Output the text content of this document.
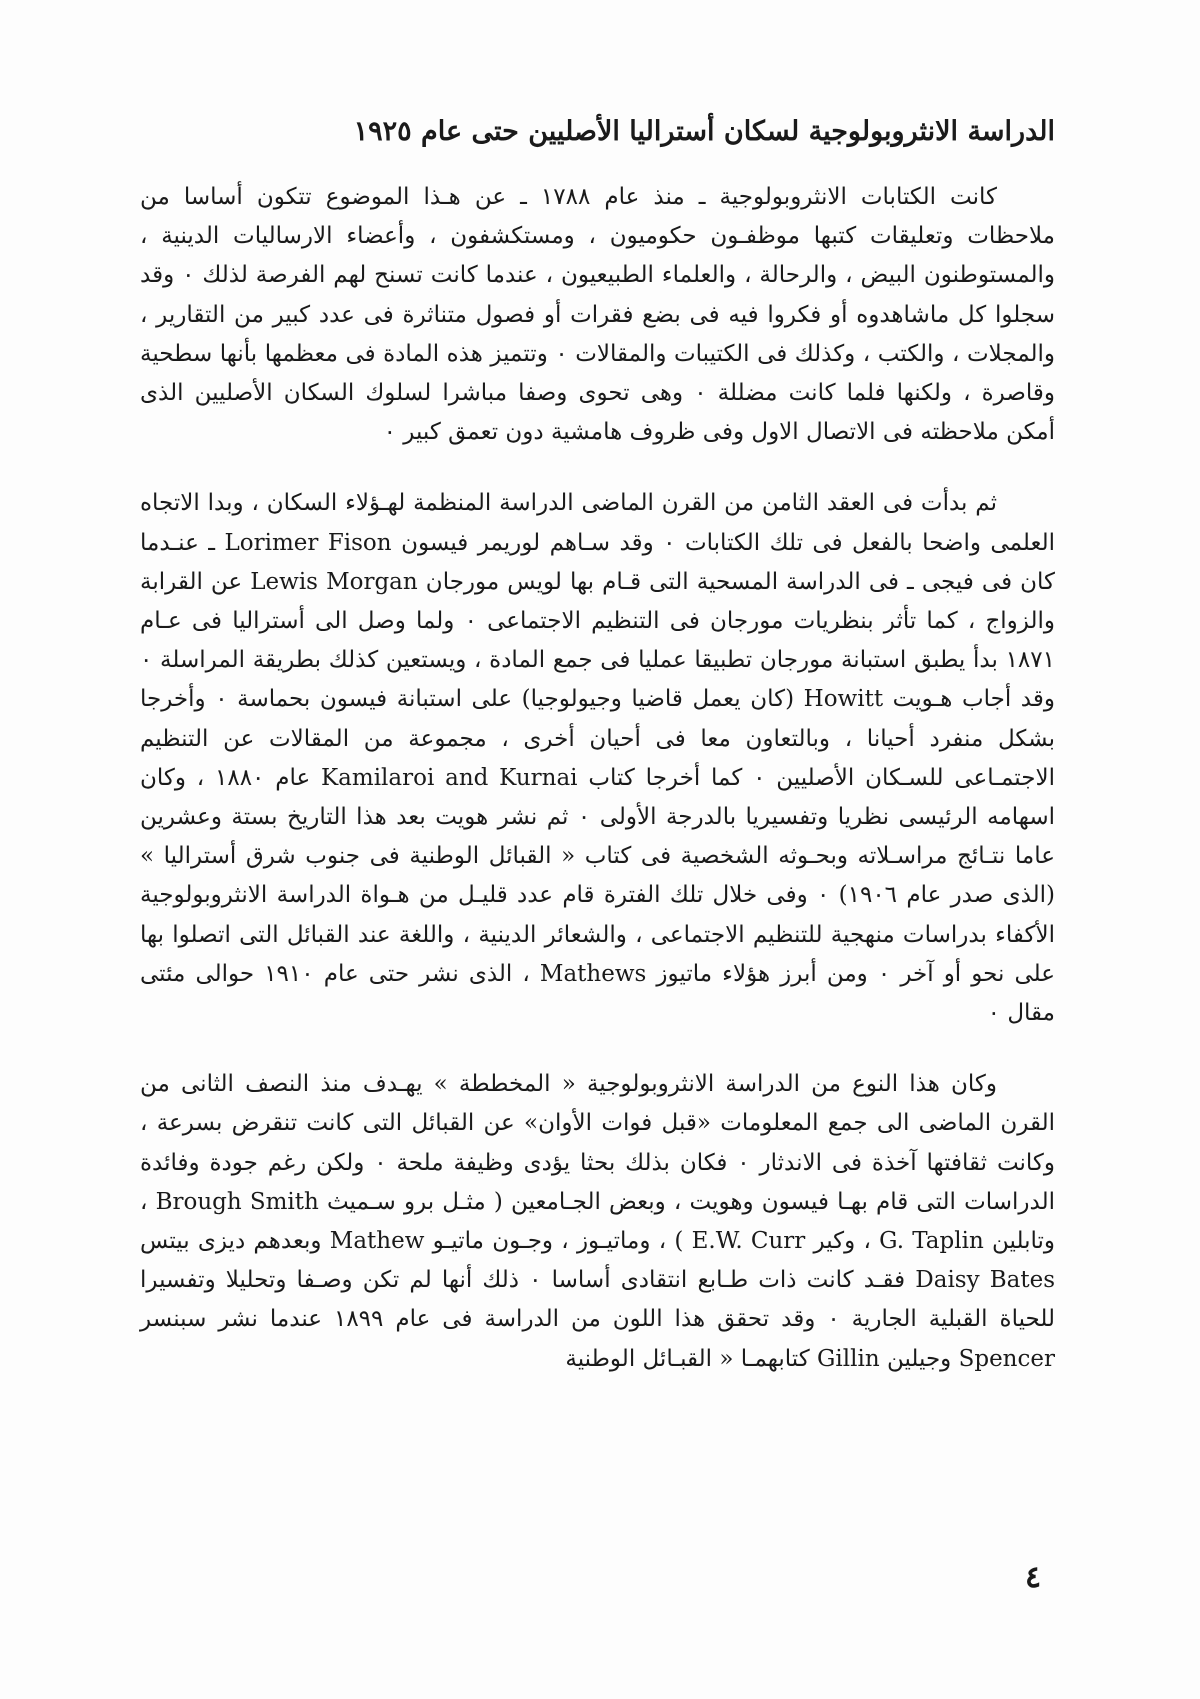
الدراسة الانثروبولوجية لسكان أستراليا الأصليين حتى عام ١٩٢٥

كانت الكتابات الانثروبولوجية ـ منذ عام ١٧٨٨ ـ عن هـذا الموضوع تتكون أساسا من ملاحظات وتعليقات كتبها موظفـون حكوميون ، ومستكشفون ، وأعضاء الارساليات الدينية ، والمستوطنون البيض ، والرحالة ، والعلماء الطبيعيون ، عندما كانت تسنح لهم الفرصة لذلك ٠ وقد سجلوا كل ماشاهدوه أو فكروا فيه فى بضع فقرات أو فصول متناثرة فى عدد كبير من التقارير ، والمجلات ، والكتب ، وكذلك فى الكتيبات والمقالات ٠ وتتميز هذه المادة فى معظمها بأنها سطحية وقاصرة ، ولكنها فلما كانت مضللة ٠ وهى تحوى وصفا مباشرا لسلوك السكان الأصليين الذى أمكن ملاحظته فى الاتصال الاول وفى ظروف هامشية دون تعمق كبير ٠

ثم بدأت فى العقد الثامن من القرن الماضى الدراسة المنظمة لهـؤلاء السكان ، وبدا الاتجاه العلمى واضحا بالفعل فى تلك الكتابات ٠ وقد سـاهم لوريمر فيسون Lorimer Fison ـ عنـدما كان فى فيجى ـ فى الدراسة المسحية التى قـام بها لويس مورجان Lewis Morgan عن القرابة والزواج ، كما تأثر بنظريات مورجان فى التنظيم الاجتماعى ٠ ولما وصل الى أستراليا فى عـام ١٨٧١ بدأ يطبق استبانة مورجان تطبيقا عمليا فى جمع المادة ، ويستعين كذلك بطريقة المراسلة ٠ وقد أجاب هـويت Howitt (كان يعمل قاضيا وجيولوجيا) على استبانة فيسون بحماسة ٠ وأخرجا بشكل منفرد أحيانا ، وبالتعاون معا فى أحيان أخرى ، مجموعة من المقالات عن التنظيم الاجتمـاعى للسـكان الأصليين ٠ كما أخرجا كتاب Kamilaroi and Kurnai عام ١٨٨٠ ، وكان اسهامه الرئيسى نظريا وتفسيريا بالدرجة الأولى ٠ ثم نشر هويت بعد هذا التاريخ بستة وعشرين عاما نتـائج مراسـلاته وبحـوثه الشخصية فى كتاب « القبائل الوطنية فى جنوب شرق أستراليا » (الذى صدر عام ١٩٠٦) ٠ وفى خلال تلك الفترة قام عدد قليـل من هـواة الدراسة الانثروبولوجية الأكفاء بدراسات منهجية للتنظيم الاجتماعى ، والشعائر الدينية ، واللغة عند القبائل التى اتصلوا بها على نحو أو آخر ٠ ومن أبرز هؤلاء ماتيوز Mathews ، الذى نشر حتى عام ١٩١٠ حوالى مئتى مقال ٠

وكان هذا النوع من الدراسة الانثروبولوجية « المخططة » يهـدف منذ النصف الثانى من القرن الماضى الى جمع المعلومات «قبل فوات الأوان» عن القبائل التى كانت تنقرض بسرعة ، وكانت ثقافتها آخذة فى الاندثار ٠ فكان بذلك بحثا يؤدى وظيفة ملحة ٠ ولكن رغم جودة وفائدة الدراسات التى قام بهـا فيسون وهويت ، وبعض الجـامعين ( مثـل برو سـميث Brough Smith ، وتابلين G. Taplin ، وكير E.W. Curr ) ، وماتيـوز ، وجـون ماتيـو Mathew وبعدهم ديزى بيتس Daisy Bates فقـد كانت ذات طـابع انتقادى أساسا ٠ ذلك أنها لم تكن وصـفا وتحليلا وتفسيرا للحياة القبلية الجارية ٠ وقد تحقق هذا اللون من الدراسة فى عام ١٨٩٩ عندما نشر سبنسر Spencer وجيلين Gillin كتابهمـا « القبـائل الوطنية

٤
